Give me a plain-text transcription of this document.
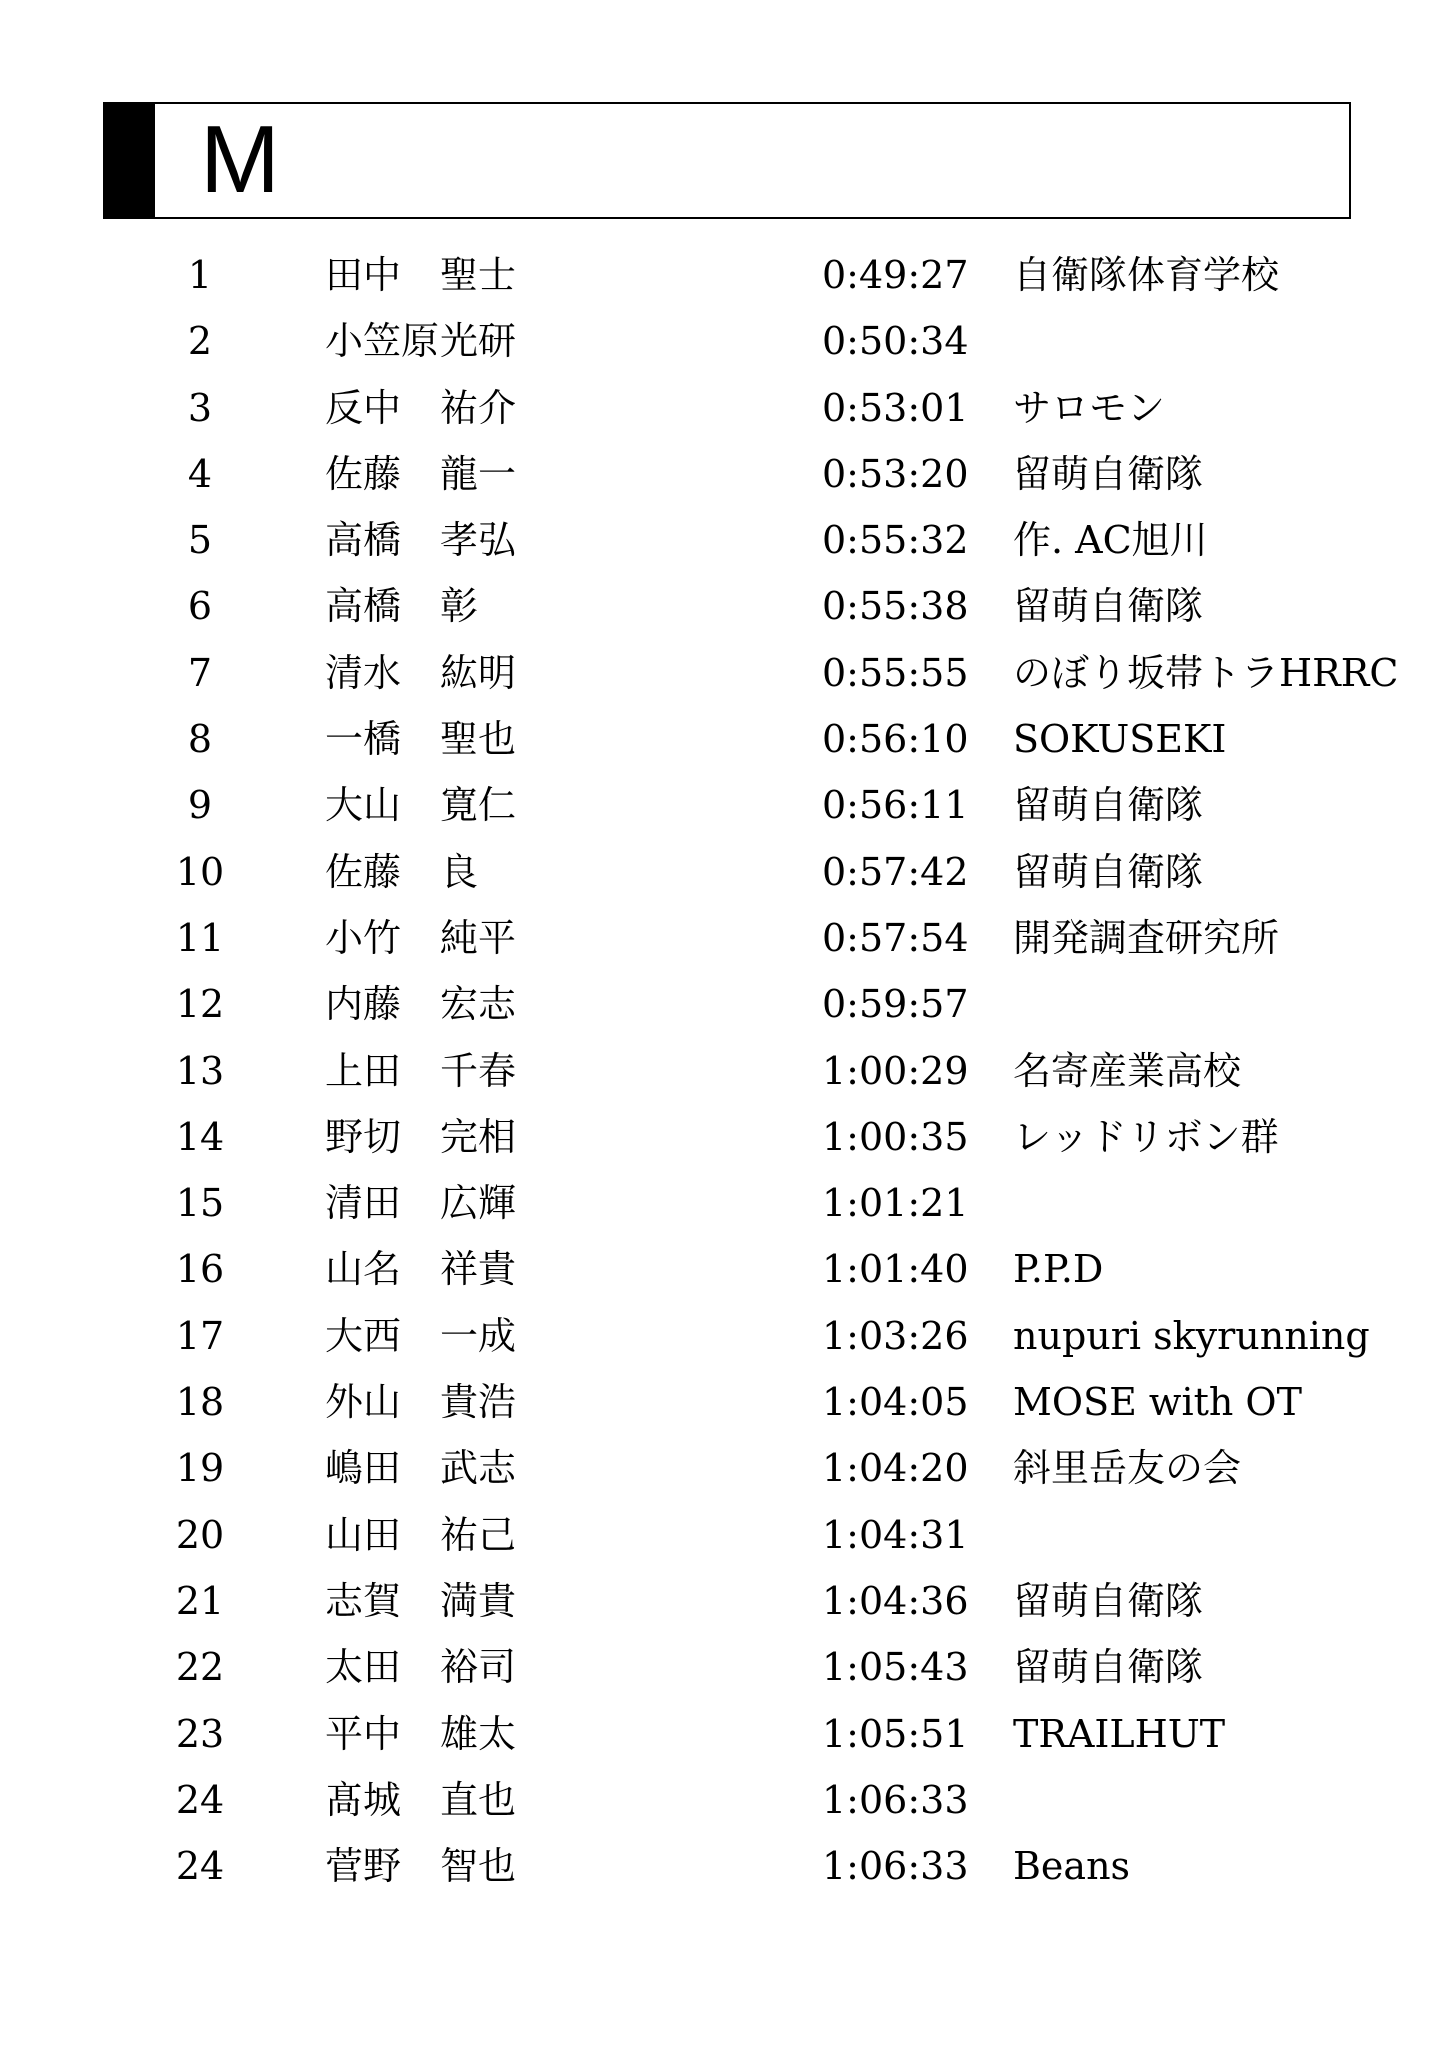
M
1	田中 聖士	0:49:27 自衛隊体育学校
2	小笠原 光研	0:50:34
3	反中 祐介	0:53:01 サロモン
4	佐藤 龍一	0:53:20 留萌自衛隊
5	高橋 孝弘	0:55:32 作. AC旭川
6	高橋 彰	0:55:38 留萌自衛隊
7	清水 紘明	0:55:55 のぼり坂帯トラHRRC
8	一橋 聖也	0:56:10 SOKUSEKI
9	大山 寛仁	0:56:11 留萌自衛隊
10	佐藤 良	0:57:42 留萌自衛隊
11	小竹 純平	0:57:54 開発調査研究所
12	内藤 宏志	0:59:57
13	上田 千春	1:00:29 名寄産業高校
14	野切 完相	1:00:35 レッドリボン群
15	清田 広輝	1:01:21
16	山名 祥貴	1:01:40 P.P.D
17	大西 一成	1:03:26 nupuri skyrunning
18	外山 貴浩	1:04:05 MOSE with OT
19	嶋田 武志	1:04:20 斜里岳友の会
20	山田 祐己	1:04:31
21	志賀 満貴	1:04:36 留萌自衛隊
22	太田 裕司	1:05:43 留萌自衛隊
23	平中 雄太	1:05:51 TRAILHUT
24	髙城 直也	1:06:33
24	菅野 智也	1:06:33 Beans
